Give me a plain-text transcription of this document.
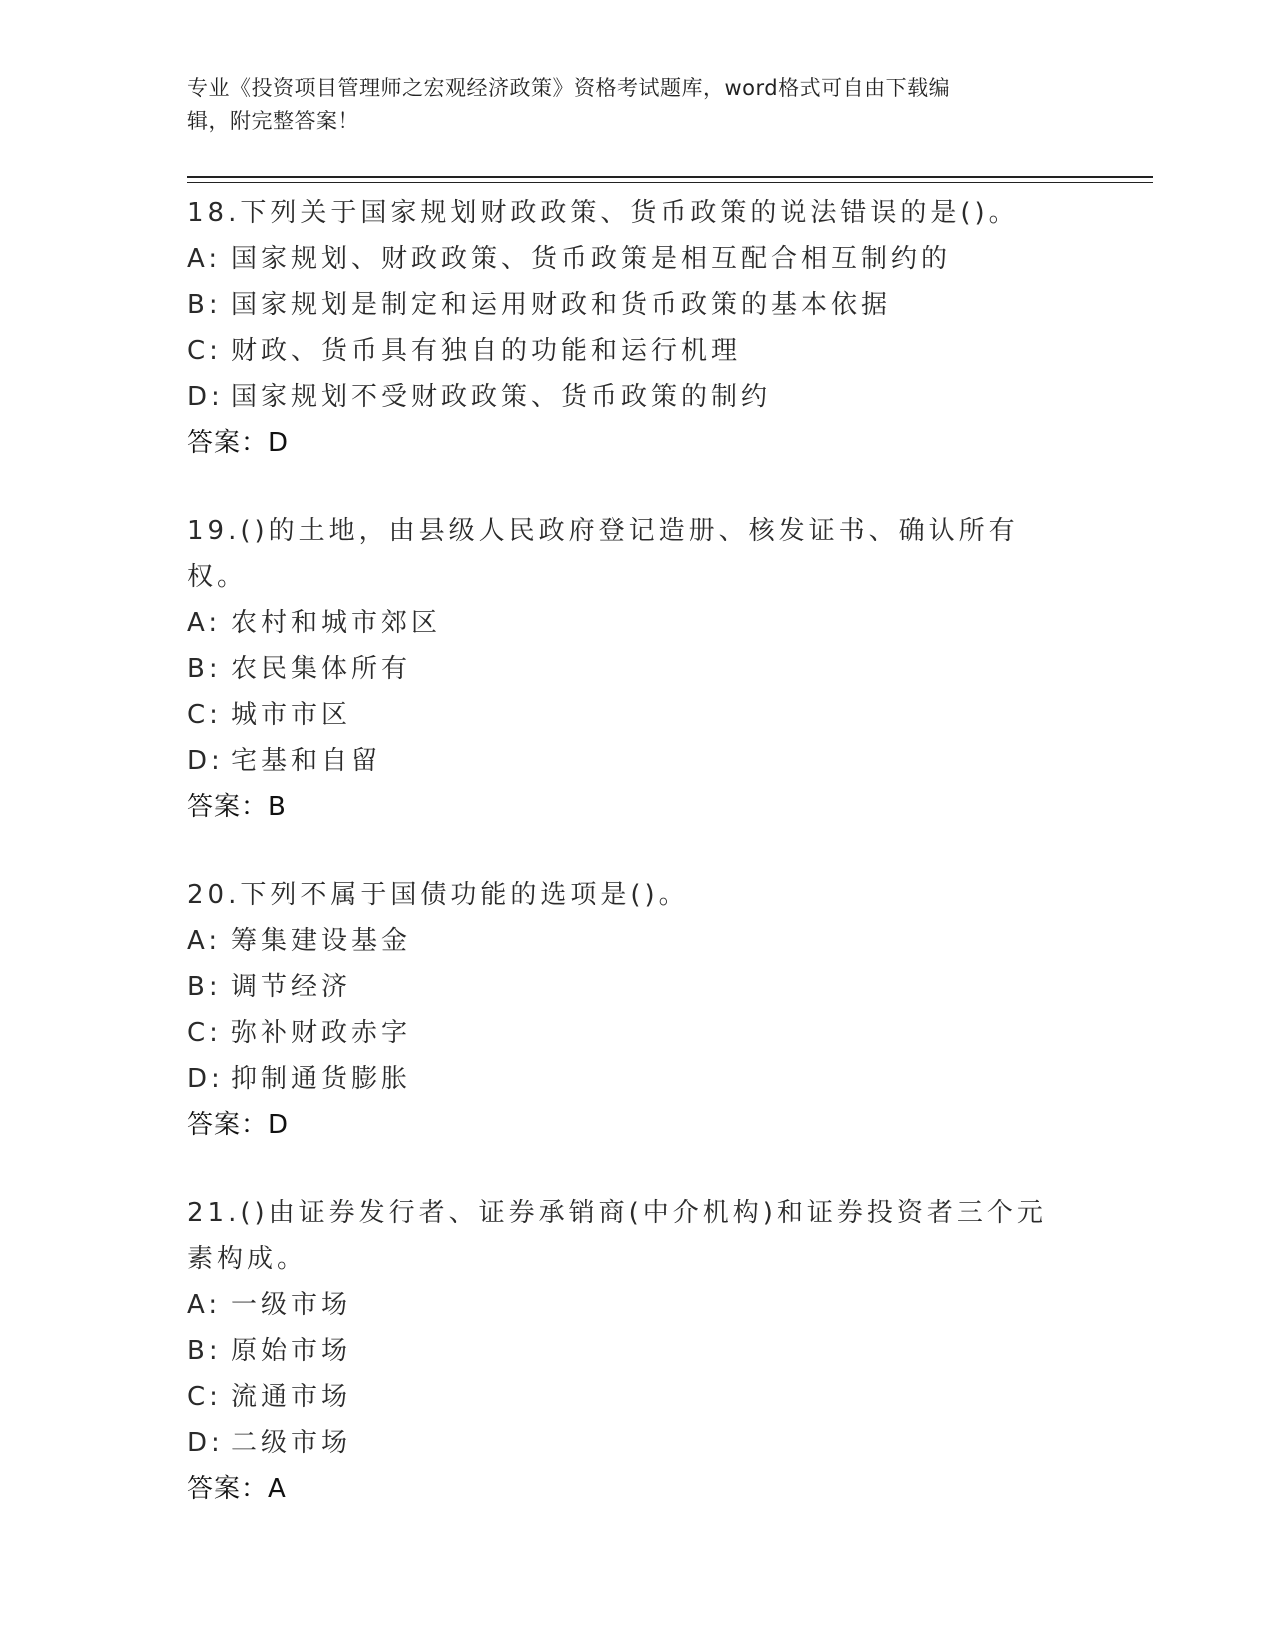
专业《投资项目管理师之宏观经济政策》资格考试题库，word格式可自由下载编
辑，附完整答案！
18.下列关于国家规划财政政策、货币政策的说法错误的是()。
A: 国家规划、财政政策、货币政策是相互配合相互制约的
B: 国家规划是制定和运用财政和货币政策的基本依据
C: 财政、货币具有独自的功能和运行机理
D: 国家规划不受财政政策、货币政策的制约
答案：D
19.()的土地，由县级人民政府登记造册、核发证书、确认所有权。
A: 农村和城市郊区
B: 农民集体所有
C: 城市市区
D: 宅基和自留
答案：B
20.下列不属于国债功能的选项是()。
A: 筹集建设基金
B: 调节经济
C: 弥补财政赤字
D: 抑制通货膨胀
答案：D
21.()由证券发行者、证券承销商(中介机构)和证券投资者三个元素构成。
A: 一级市场
B: 原始市场
C: 流通市场
D: 二级市场
答案：A
